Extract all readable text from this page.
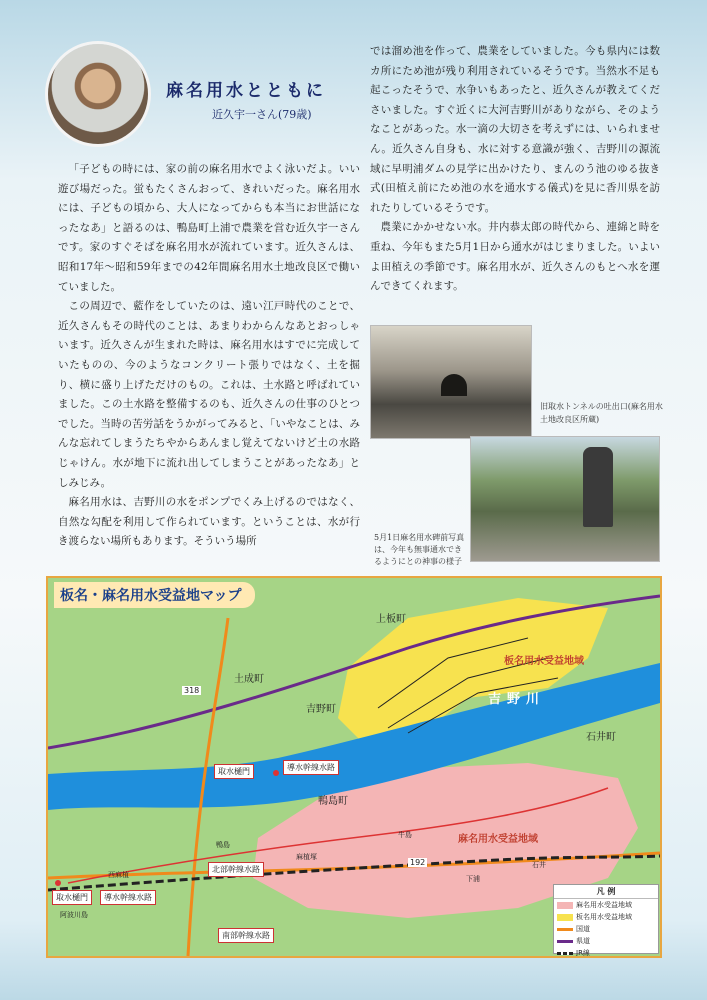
麻名用水とともに
近久宇一さん(79歳)

「子どもの時には、家の前の麻名用水でよく泳いだよ。いい遊び場だった。蛍もたくさんおって、きれいだった。麻名用水には、子どもの頃から、大人になってからも本当にお世話になったなあ」と語るのは、鴨島町上浦で農業を営む近久宇一さんです。家のすぐそばを麻名用水が流れています。近久さんは、昭和17年〜昭和59年までの42年間麻名用水土地改良区で働いていました。

この周辺で、藍作をしていたのは、遠い江戸時代のことで、近久さんもその時代のことは、あまりわからんなあとおっしゃいます。近久さんが生まれた時は、麻名用水はすでに完成していたものの、今のようなコンクリート張りではなく、土を掘り、横に盛り上げただけのもの。これは、土水路と呼ばれていました。この土水路を整備するのも、近久さんの仕事のひとつでした。当時の苦労話をうかがってみると、「いやなことは、みんな忘れてしまうたちやからあんまし覚えてないけど土の水路じゃけん。水が地下に流れ出してしまうことがあったなあ」としみじみ。

麻名用水は、吉野川の水をポンプでくみ上げるのではなく、自然な勾配を利用して作られています。ということは、水が行き渡らない場所もあります。そういう場所

では溜め池を作って、農業をしていました。今も県内には数カ所にため池が残り利用されているそうです。当然水不足も起こったそうで、水争いもあったと、近久さんが教えてくださいました。すぐ近くに大河吉野川がありながら、そのようなことがあった。水一滴の大切さを考えずには、いられません。近久さん自身も、水に対する意識が強く、吉野川の源流域に早明浦ダムの見学に出かけたり、まんのう池のゆる抜き式(田植え前にため池の水を通水する儀式)を見に香川県を訪れたりしているそうです。

農業にかかせない水。井内恭太郎の時代から、連綿と時を重ね、今年もまた5月1日から通水がはじまりました。いよいよ田植えの季節です。麻名用水が、近久さんのもとへ水を運んできてくれます。

旧取水トンネルの吐出口(麻名用水土地改良区所蔵)
5月1日麻名用水碑前写真は、今年も無事通水できるようにとの神事の様子
板名・麻名用水受益地マップ
上板町
土成町
吉野町
石井町
鴨島町
板名用水受益地域
麻名用水受益地域
吉野川
318
192
取水樋門	導水幹線水路
取水樋門	導水幹線水路
北部幹線水路
南部幹線水路
鴨島
牛島
麻植塚
西麻植
阿波川島
下浦
石井
凡 例
麻名用水受益地域
板名用水受益地域
国道
県道
JR線
